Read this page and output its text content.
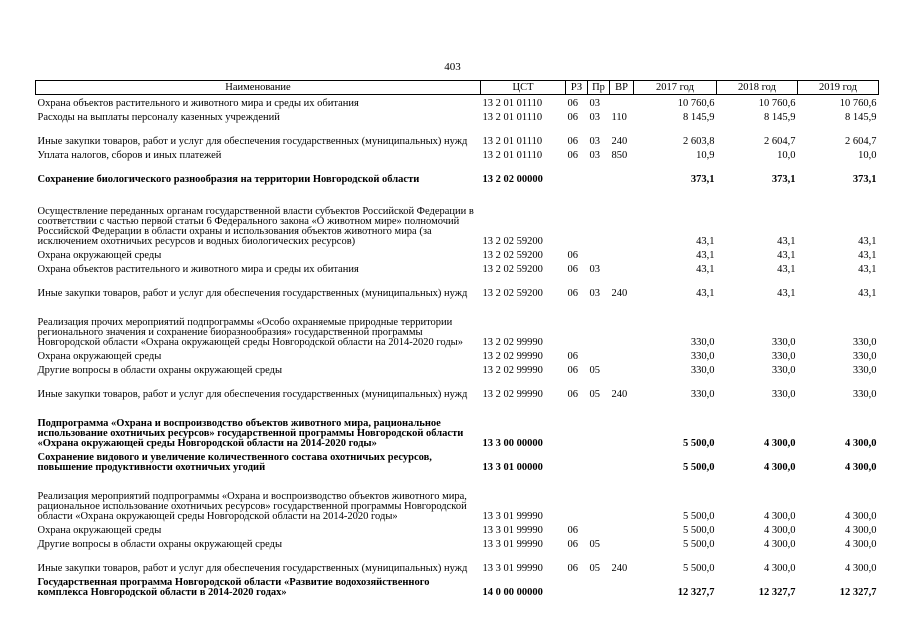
403
Наименование	ЦСТ	РЗ	Пр	ВР	2017 год	2018 год	2019 год
Охрана объектов растительного и животного мира и среды их обитания	13 2 01 01110	06	03		10 760,6	10 760,6	10 760,6
Расходы на выплаты персоналу казенных учреждений	13 2 01 01110	06	03	110	8 145,9	8 145,9	8 145,9
Иные закупки товаров, работ и услуг для обеспечения государственных (муниципальных) нужд	13 2 01 01110	06	03	240	2 603,8	2 604,7	2 604,7
Уплата налогов, сборов и иных платежей	13 2 01 01110	06	03	850	10,9	10,0	10,0
Сохранение биологического разнообразия на территории Новгородской области	13 2 02 00000				373,1	373,1	373,1
Осуществление переданных органам государственной власти субъектов Российской Федерации в соответствии с частью первой статьи 6 Федерального закона «О животном мире» полномочий Российской Федерации в области охраны и использования объектов животного мира (за исключением охотничьих ресурсов и водных биологических ресурсов)	13 2 02 59200				43,1	43,1	43,1
Охрана окружающей среды	13 2 02 59200	06			43,1	43,1	43,1
Охрана объектов растительного и животного мира и среды их обитания	13 2 02 59200	06	03		43,1	43,1	43,1
Иные закупки товаров, работ и услуг для обеспечения государственных (муниципальных) нужд	13 2 02 59200	06	03	240	43,1	43,1	43,1
Реализация прочих мероприятий подпрограммы «Особо охраняемые природные территории регионального значения и сохранение биоразнообразия» государственной программы Новгородской области «Охрана окружающей среды Новгородской области на 2014-2020 годы»	13 2 02 99990				330,0	330,0	330,0
Охрана окружающей среды	13 2 02 99990	06			330,0	330,0	330,0
Другие вопросы в области охраны окружающей среды	13 2 02 99990	06	05		330,0	330,0	330,0
Иные закупки товаров, работ и услуг для обеспечения государственных (муниципальных) нужд	13 2 02 99990	06	05	240	330,0	330,0	330,0
Подпрограмма «Охрана и воспроизводство объектов животного мира, рациональное использование охотничьих ресурсов» государственной программы Новгородской области «Охрана окружающей среды Новгородской области на 2014-2020 годы»	13 3 00 00000				5 500,0	4 300,0	4 300,0
Сохранение видового и увеличение количественного состава охотничьих ресурсов, повышение продуктивности охотничьих угодий	13 3 01 00000				5 500,0	4 300,0	4 300,0
Реализация мероприятий подпрограммы «Охрана и воспроизводство объектов животного мира, рациональное использование охотничьих ресурсов» государственной программы Новгородской области «Охрана окружающей среды Новгородской области на 2014-2020 годы»	13 3 01 99990				5 500,0	4 300,0	4 300,0
Охрана окружающей среды	13 3 01 99990	06			5 500,0	4 300,0	4 300,0
Другие вопросы в области охраны окружающей среды	13 3 01 99990	06	05		5 500,0	4 300,0	4 300,0
Иные закупки товаров, работ и услуг для обеспечения государственных (муниципальных) нужд	13 3 01 99990	06	05	240	5 500,0	4 300,0	4 300,0
Государственная программа Новгородской области «Развитие водохозяйственного комплекса Новгородской области в 2014-2020 годах»	14 0 00 00000				12 327,7	12 327,7	12 327,7
